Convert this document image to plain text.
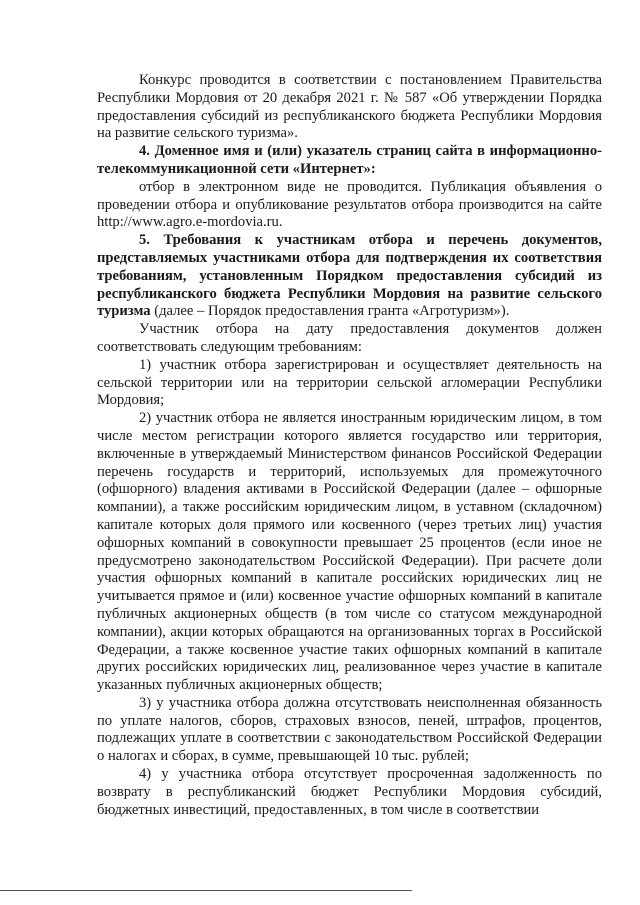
Конкурс проводится в соответствии с постановлением Правительства Республики Мордовия от 20 декабря 2021 г. № 587 «Об утверждении Порядка предоставления субсидий из республиканского бюджета Республики Мордовия на развитие сельского туризма».

4. Доменное имя и (или) указатель страниц сайта в информационно-телекоммуникационной сети «Интернет»:

отбор в электронном виде не проводится. Публикация объявления о проведении отбора и опубликование результатов отбора производится на сайте http://www.agro.e-mordovia.ru.

5. Требования к участникам отбора и перечень документов, представляемых участниками отбора для подтверждения их соответствия требованиям, установленным Порядком предоставления субсидий из республиканского бюджета Республики Мордовия на развитие сельского туризма (далее – Порядок предоставления гранта «Агротуризм»).

Участник отбора на дату предоставления документов должен соответствовать следующим требованиям:

1) участник отбора зарегистрирован и осуществляет деятельность на сельской территории или на территории сельской агломерации Республики Мордовия;

2) участник отбора не является иностранным юридическим лицом, в том числе местом регистрации которого является государство или территория, включенные в утверждаемый Министерством финансов Российской Федерации перечень государств и территорий, используемых для промежуточного (офшорного) владения активами в Российской Федерации (далее – офшорные компании), а также российским юридическим лицом, в уставном (складочном) капитале которых доля прямого или косвенного (через третьих лиц) участия офшорных компаний в совокупности превышает 25 процентов (если иное не предусмотрено законодательством Российской Федерации). При расчете доли участия офшорных компаний в капитале российских юридических лиц не учитывается прямое и (или) косвенное участие офшорных компаний в капитале публичных акционерных обществ (в том числе со статусом международной компании), акции которых обращаются на организованных торгах в Российской Федерации, а также косвенное участие таких офшорных компаний в капитале других российских юридических лиц, реализованное через участие в капитале указанных публичных акционерных обществ;

3) у участника отбора должна отсутствовать неисполненная обязанность по уплате налогов, сборов, страховых взносов, пеней, штрафов, процентов, подлежащих уплате в соответствии с законодательством Российской Федерации о налогах и сборах, в сумме, превышающей 10 тыс. рублей;

4) у участника отбора отсутствует просроченная задолженность по возврату в республиканский бюджет Республики Мордовия субсидий, бюджетных инвестиций, предоставленных, в том числе в соответствии
